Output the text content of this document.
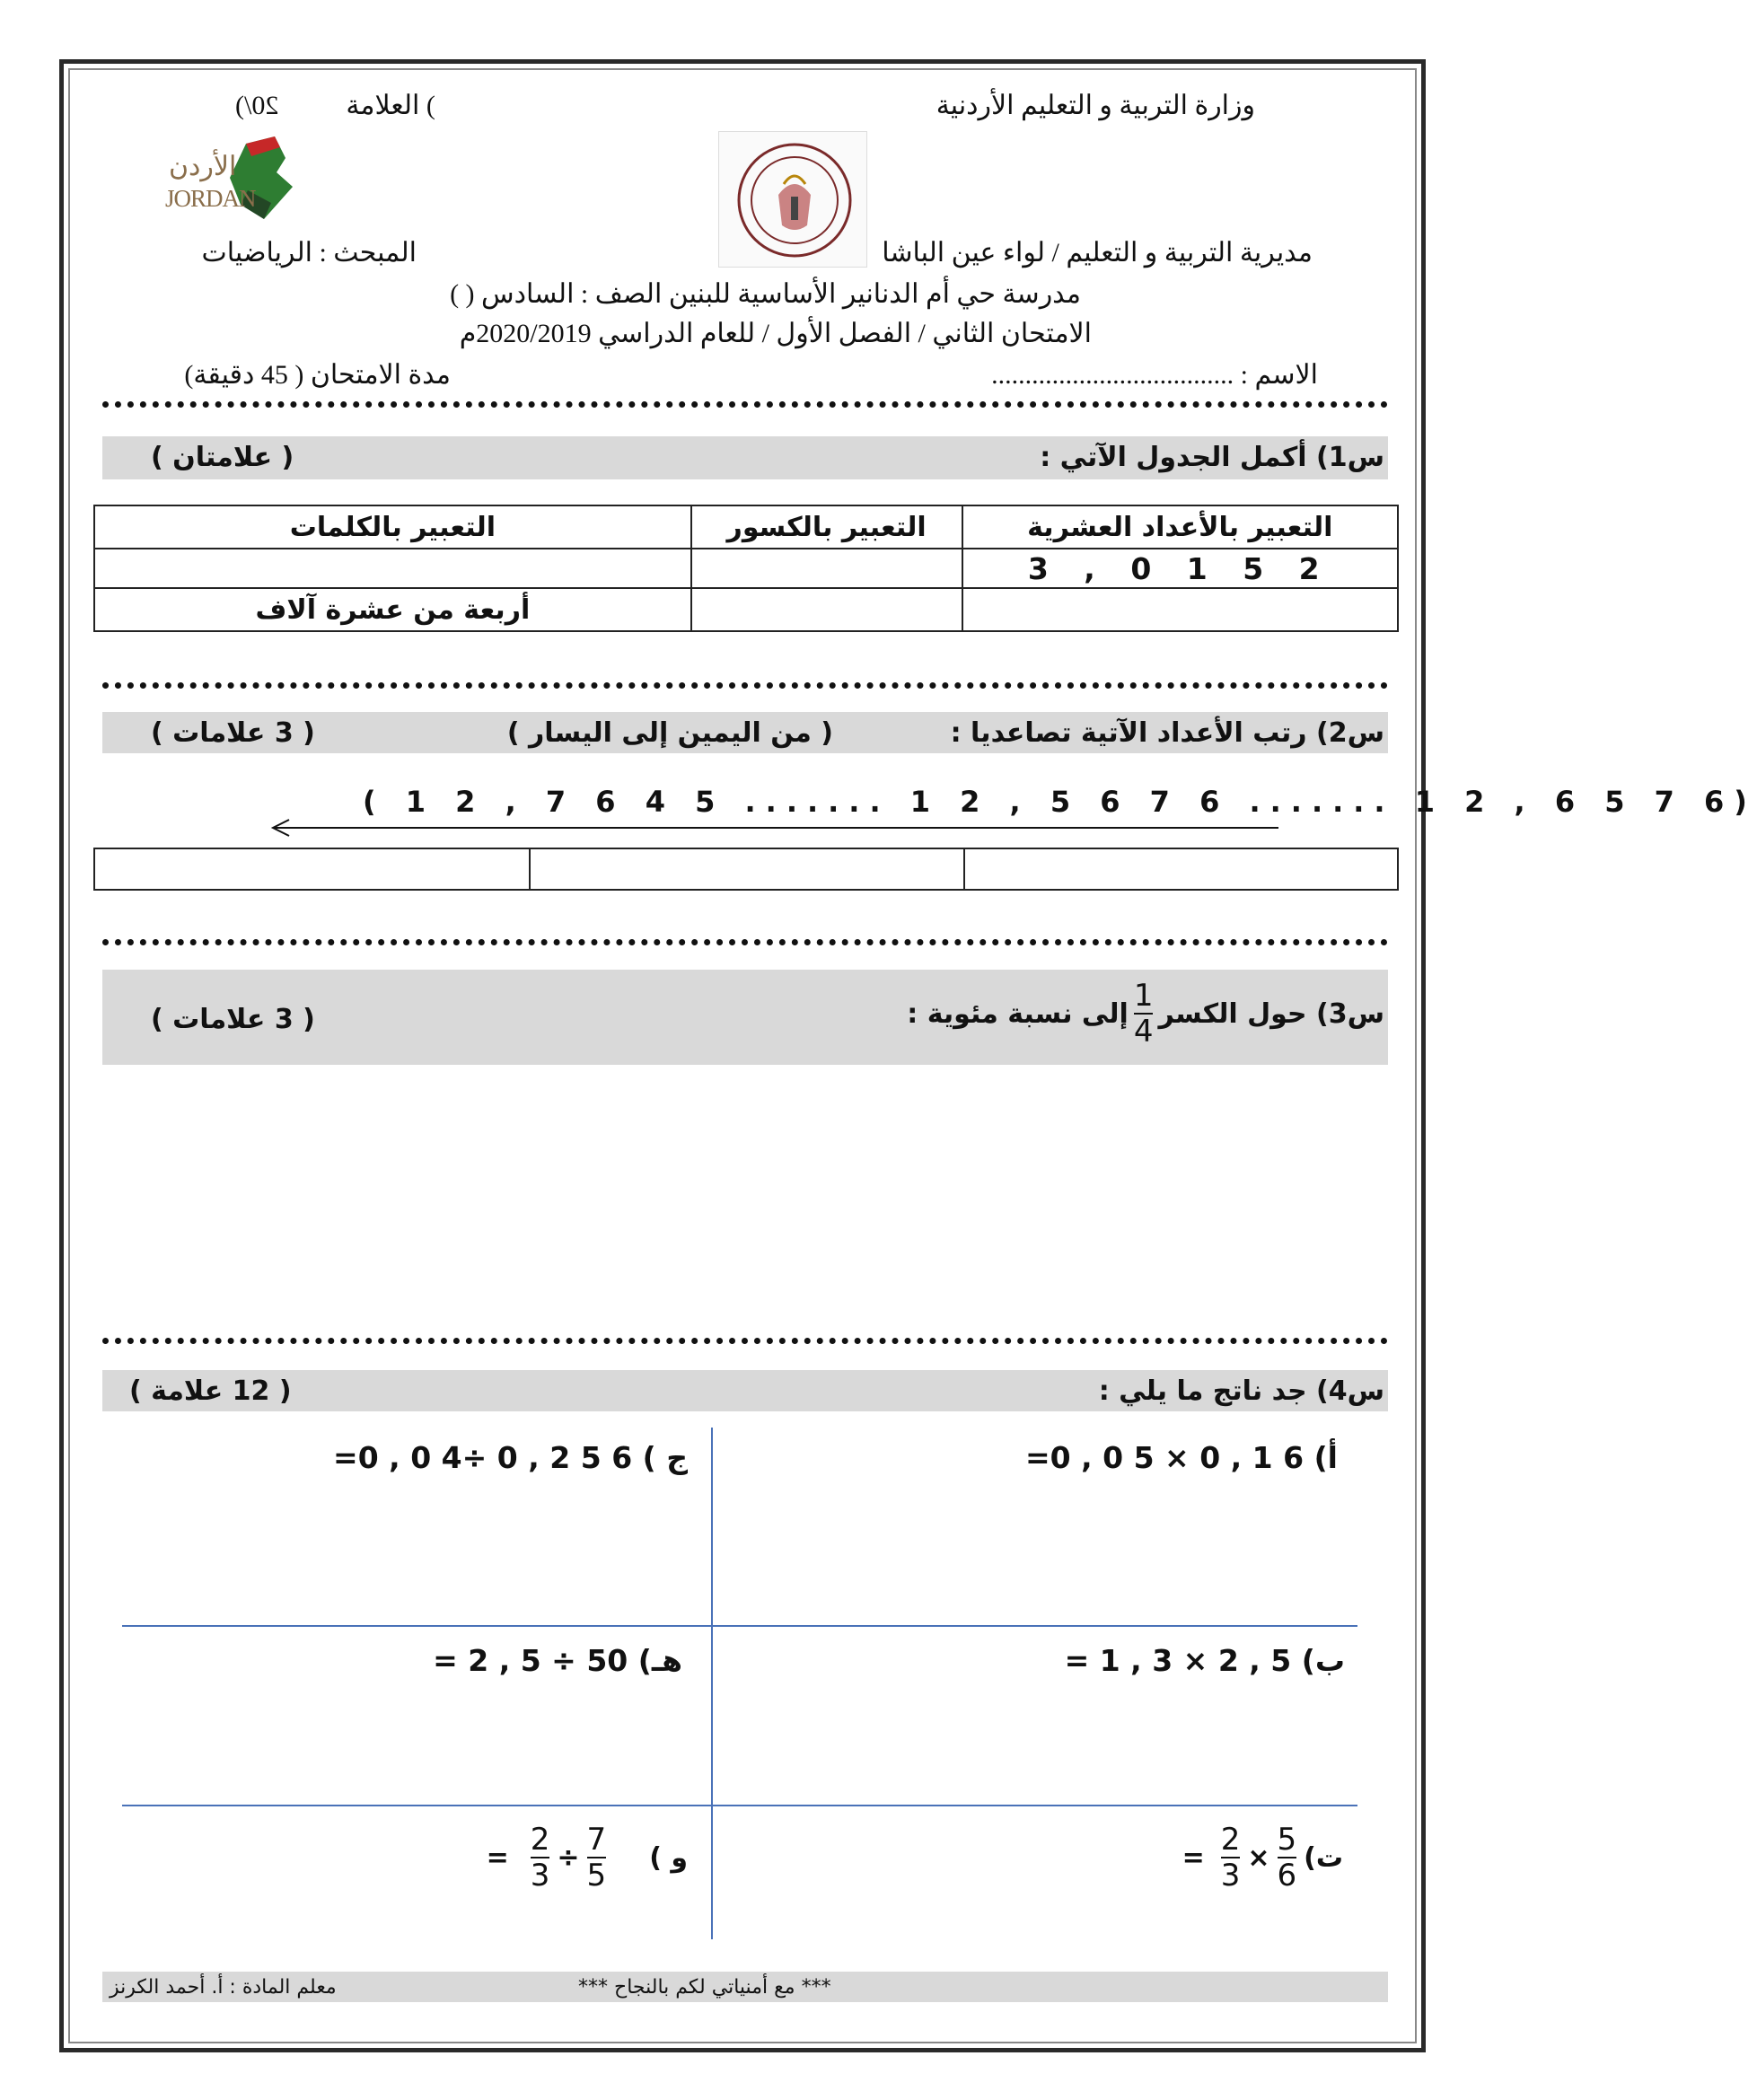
وزارة التربية و التعليم الأردنية
20/)	العلامة (
الأردن
JORDAN
مديرية التربية و التعليم / لواء عين الباشا
المبحث : الرياضيات
مدرسة حي أم الدنانير الأساسية للبنين الصف : السادس ( )
الامتحان الثاني / الفصل الأول / للعام الدراسي 2020/2019م
الاسم : ....................................
مدة الامتحان ( 45 دقيقة)
س1) أكمل الجدول الآتي :
( علامتان )
التعبير بالأعداد العشرية	التعبير بالكسور	التعبير بالكلمات
3 , 0 1 5 2		
		أربعة من عشرة آلاف
س2) رتب الأعداد الآتية تصاعديا :
( من اليمين إلى اليسار )
( 3 علامات )
( 1 2 , 7 6 4 5 ....... 1 2 , 5 6 7 6 ....... 1 2 , 6 5 7 6)

س3) حول الكسر
$\frac{1}{4}$
إلى نسبة مئوية :
( 3 علامات )
س4) جد ناتج ما يلي :
( 12 علامة )
أ) 6 1 , 0 × 5 0 , 0=
ج ) 6 5 2 , 0 ÷4 0 , 0=
ب) 5 , 2 × 3 , 1 =
هـ) 50 ÷ 5 , 2 =
ت)
$\frac{5}{6}$
×
$\frac{2}{3}$
=
و )
$\frac{7}{5}$
÷
$\frac{2}{3}$
=
*** مع أمنياتي لكم بالنجاح ***
معلم المادة : أ. أحمد الكرنز
